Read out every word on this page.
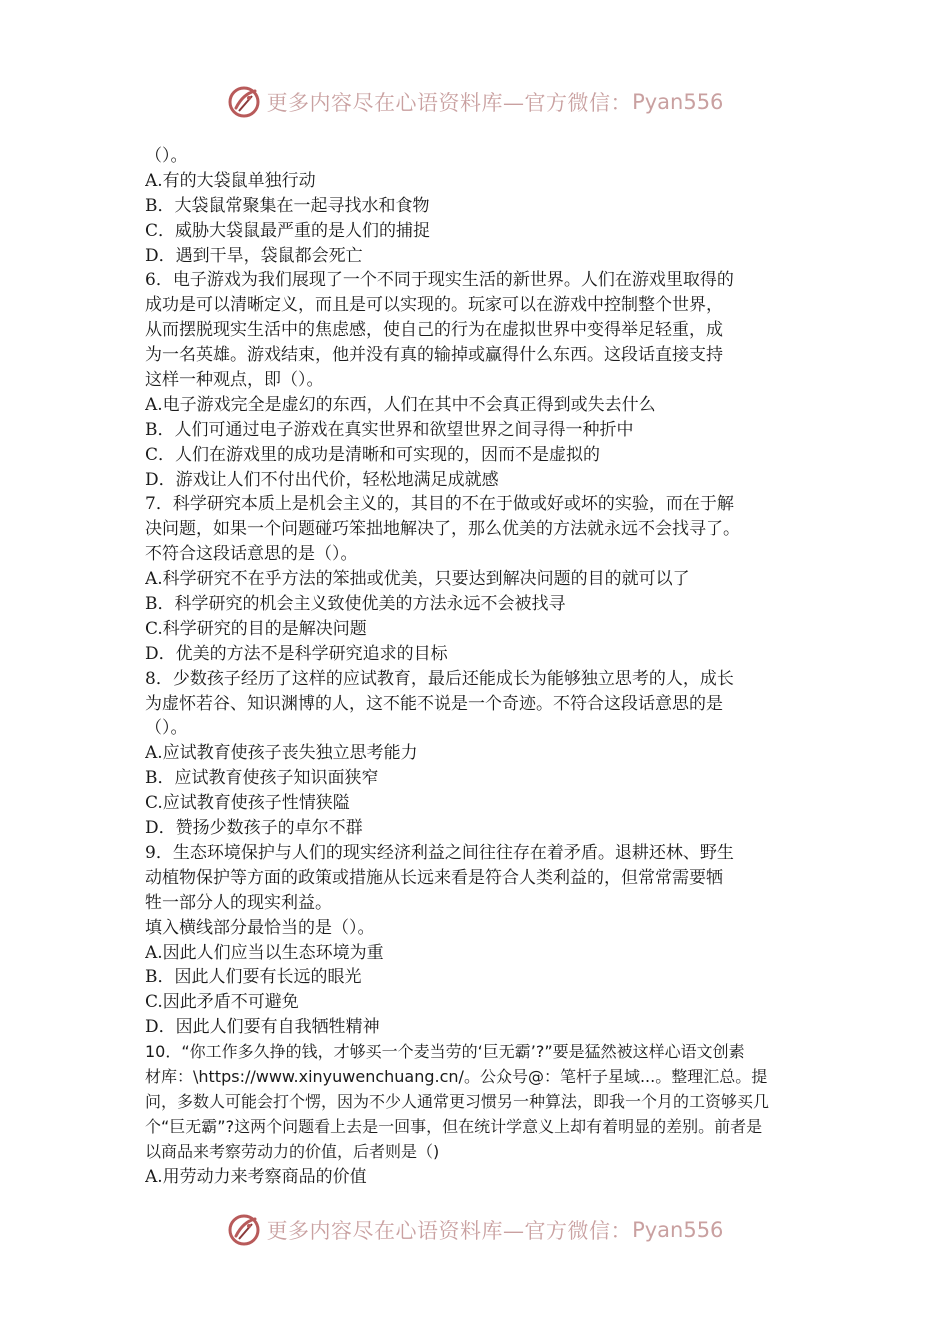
更多内容尽在心语资料库—官方微信： Pyan556
（）。
A.有的大袋鼠单独行动
B．大袋鼠常聚集在一起寻找水和食物
C．威胁大袋鼠最严重的是人们的捕捉
D．遇到干旱，袋鼠都会死亡
6．电子游戏为我们展现了一个不同于现实生活的新世界。人们在游戏里取得的
成功是可以清晰定义，而且是可以实现的。玩家可以在游戏中控制整个世界，
从而摆脱现实生活中的焦虑感，使自己的行为在虚拟世界中变得举足轻重，成
为一名英雄。游戏结束，他并没有真的输掉或赢得什么东西。这段话直接支持
这样一种观点，即（）。
A.电子游戏完全是虚幻的东西，人们在其中不会真正得到或失去什么
B．人们可通过电子游戏在真实世界和欲望世界之间寻得一种折中
C．人们在游戏里的成功是清晰和可实现的，因而不是虚拟的
D．游戏让人们不付出代价，轻松地满足成就感
7．科学研究本质上是机会主义的，其目的不在于做或好或坏的实验，而在于解
决问题，如果一个问题碰巧笨拙地解决了，那么优美的方法就永远不会找寻了。
不符合这段话意思的是（）。
A.科学研究不在乎方法的笨拙或优美，只要达到解决问题的目的就可以了
B．科学研究的机会主义致使优美的方法永远不会被找寻
C.科学研究的目的是解决问题
D．优美的方法不是科学研究追求的目标
8．少数孩子经历了这样的应试教育，最后还能成长为能够独立思考的人，成长
为虚怀若谷、知识渊博的人，这不能不说是一个奇迹。不符合这段话意思的是
（）。
A.应试教育使孩子丧失独立思考能力
B．应试教育使孩子知识面狭窄
C.应试教育使孩子性情狭隘
D．赞扬少数孩子的卓尔不群
9．生态环境保护与人们的现实经济利益之间往往存在着矛盾。退耕还林、野生
动植物保护等方面的政策或措施从长远来看是符合人类利益的，但常常需要牺
牲一部分人的现实利益。
填入横线部分最恰当的是（）。
A.因此人们应当以生态环境为重
B．因此人们要有长远的眼光
C.因此矛盾不可避免
D．因此人们要有自我牺牲精神
10．“你工作多久挣的钱，才够买一个麦当劳的‘巨无霸’?”要是猛然被这样心语文创素
材库：\https://www.xinyuwenchuang.cn/。公众号@：笔杆子星域...。整理汇总。提
问，多数人可能会打个愣，因为不少人通常更习惯另一种算法，即我一个月的工资够买几
个“巨无霸”?这两个问题看上去是一回事，但在统计学意义上却有着明显的差别。前者是
以商品来考察劳动力的价值，后者则是（)
A.用劳动力来考察商品的价值
更多内容尽在心语资料库—官方微信： Pyan556
